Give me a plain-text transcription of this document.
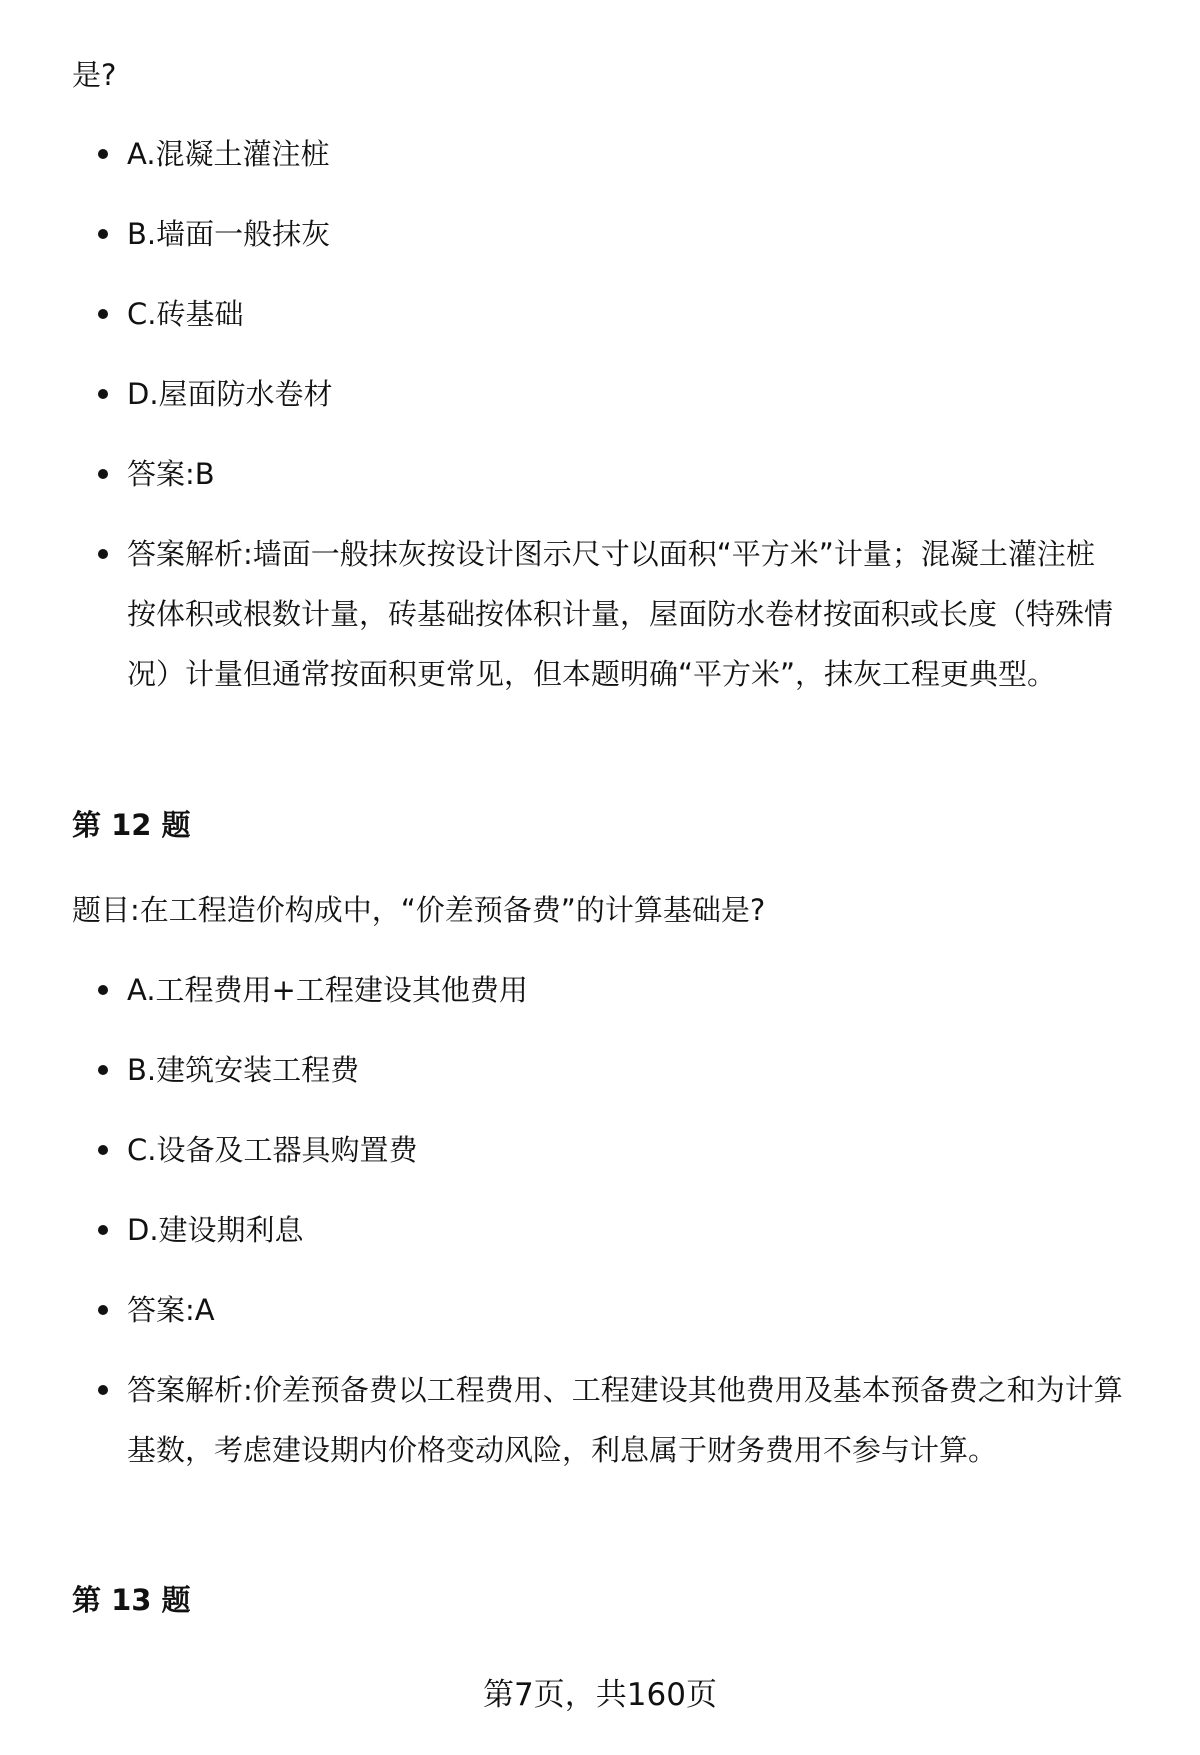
是?
A.混凝土灌注桩
B.墙面一般抹灰
C.砖基础
D.屋面防水卷材
答案:B
答案解析:墙面一般抹灰按设计图示尺寸以面积“平方米”计量；混凝土灌注桩
按体积或根数计量，砖基础按体积计量，屋面防水卷材按面积或长度（特殊情
况）计量但通常按面积更常见，但本题明确“平方米”，抹灰工程更典型。
第 12 题
题目:在工程造价构成中，“价差预备费”的计算基础是?
A.工程费用+工程建设其他费用
B.建筑安装工程费
C.设备及工器具购置费
D.建设期利息
答案:A
答案解析:价差预备费以工程费用、工程建设其他费用及基本预备费之和为计算
基数，考虑建设期内价格变动风险，利息属于财务费用不参与计算。
第 13 题
第7页，共160页
